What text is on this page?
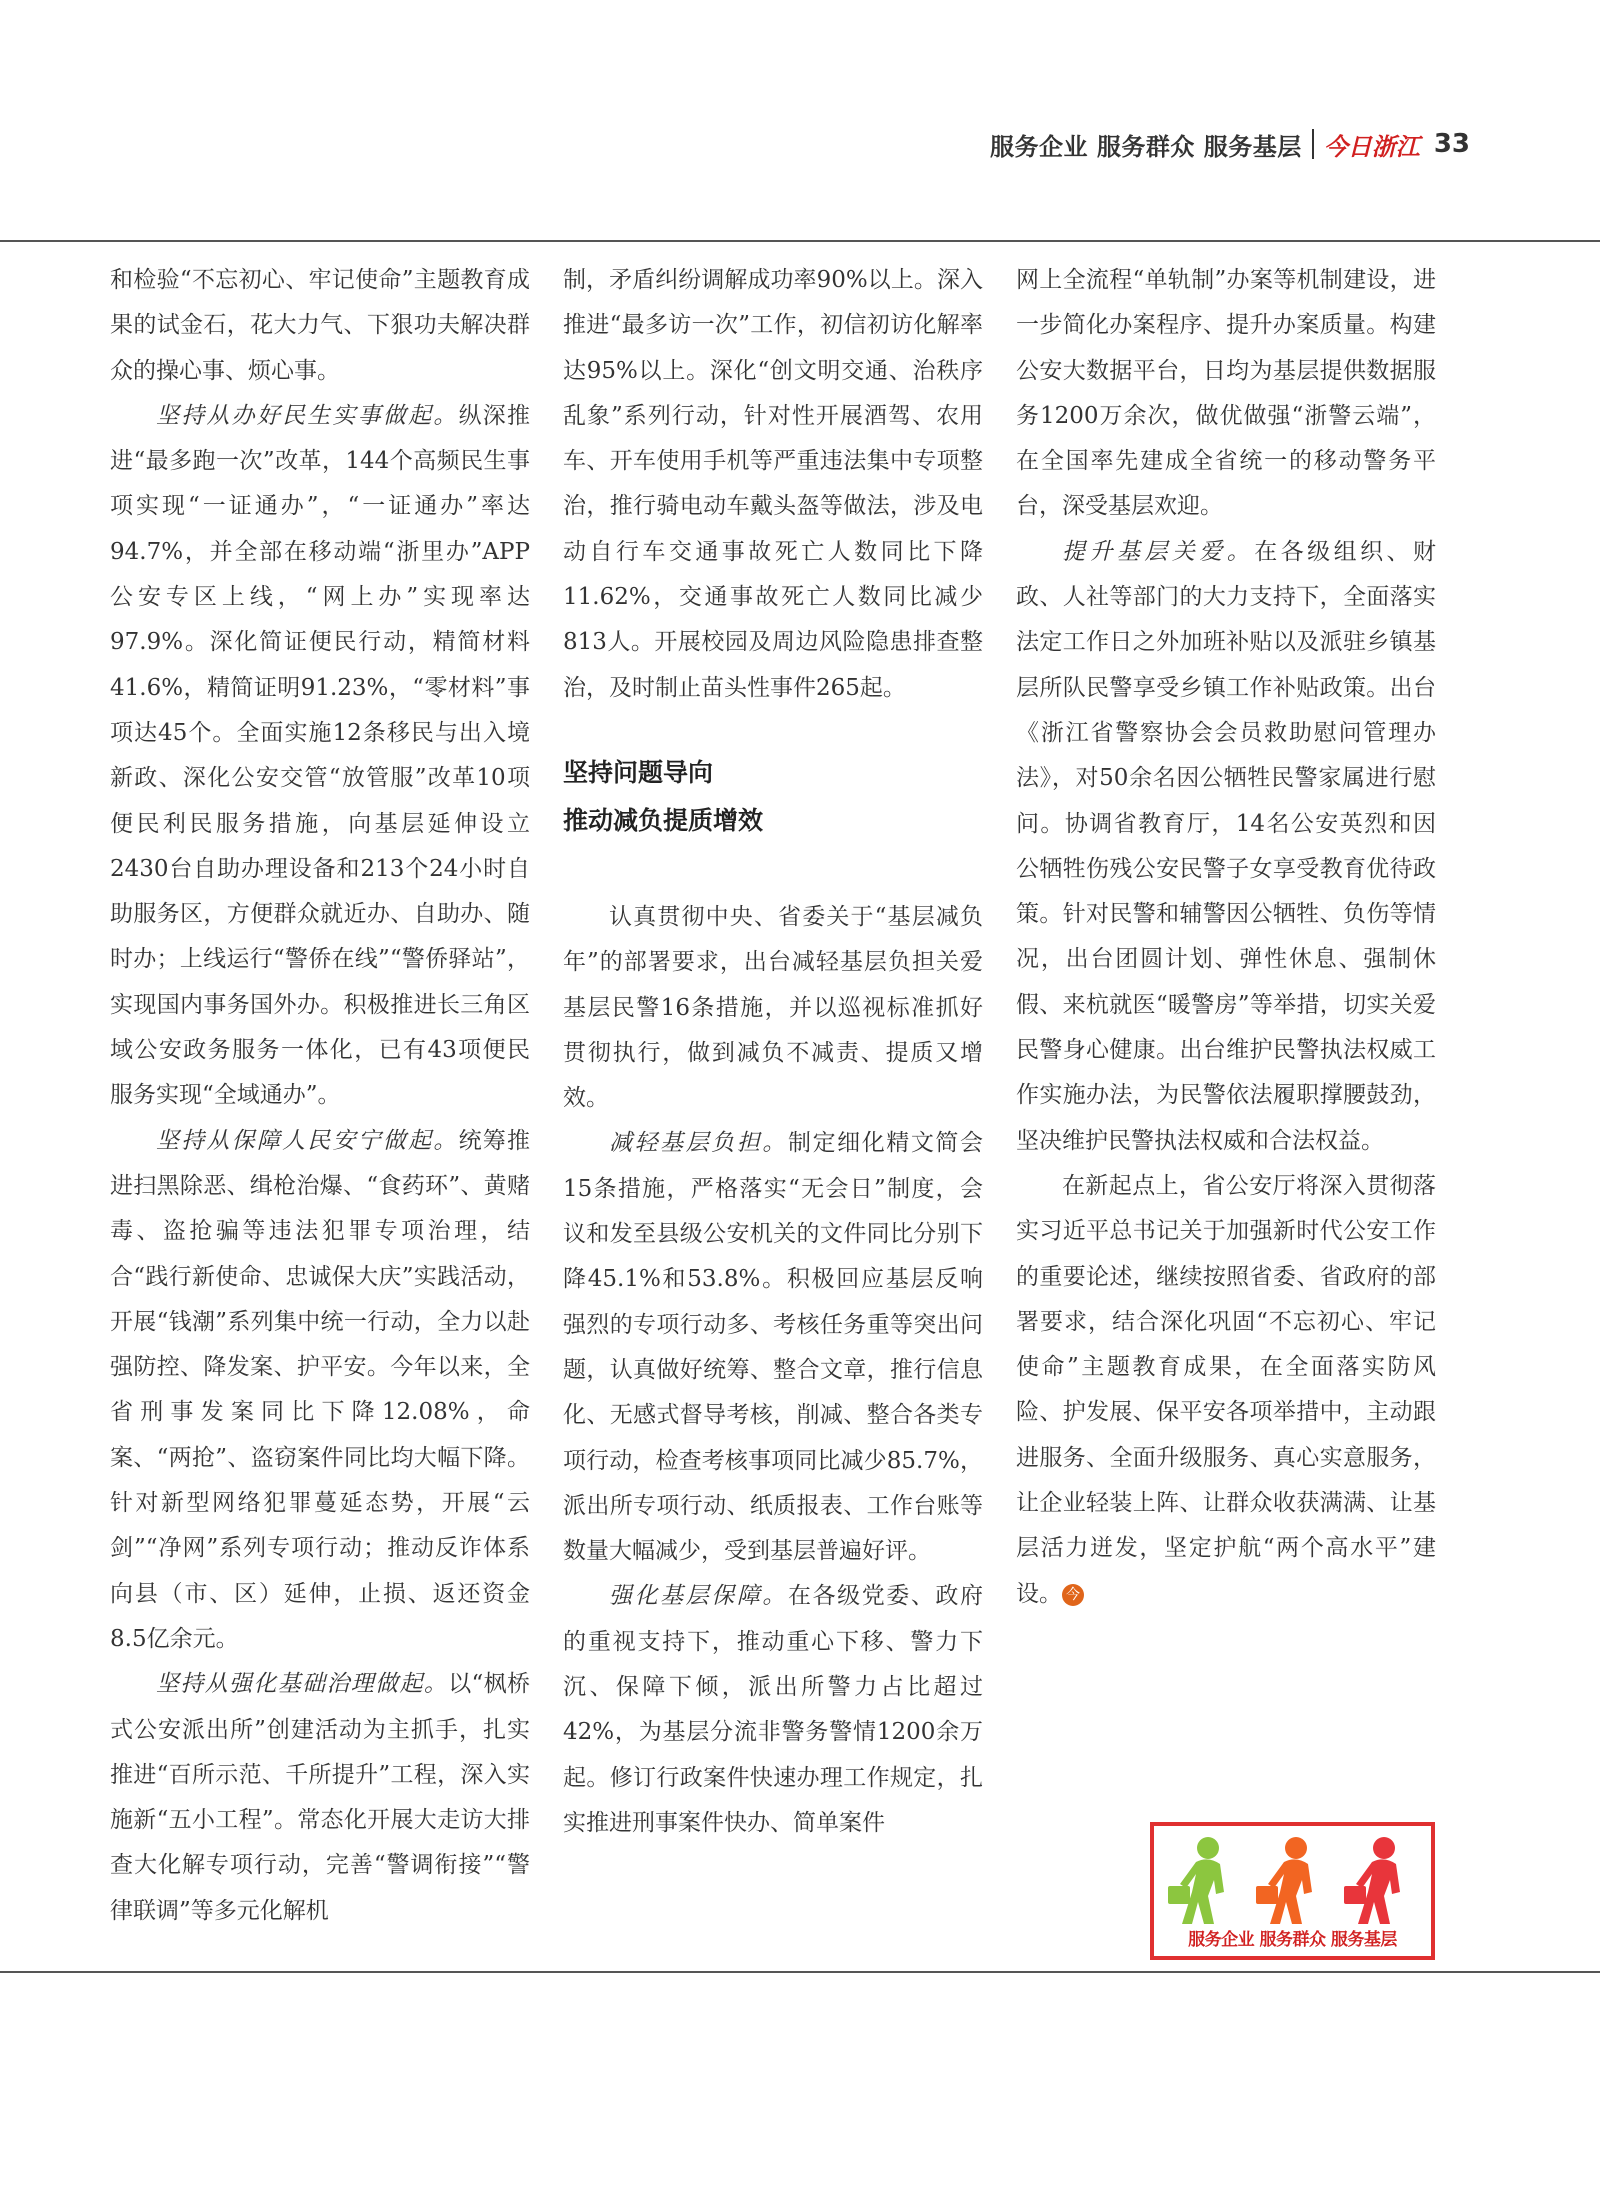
服务企业 服务群众 服务基层 今日浙江 33

和检验“不忘初心、牢记使命”主题教育成果的试金石，花大力气、下狠功夫解决群众的操心事、烦心事。

坚持从办好民生实事做起。纵深推进“最多跑一次”改革，144个高频民生事项实现“一证通办”，“一证通办”率达94.7%，并全部在移动端“浙里办”APP公安专区上线，“网上办”实现率达97.9%。深化简证便民行动，精简材料41.6%，精简证明91.23%，“零材料”事项达45个。全面实施12条移民与出入境新政、深化公安交管“放管服”改革10项便民利民服务措施，向基层延伸设立2430台自助办理设备和213个24小时自助服务区，方便群众就近办、自助办、随时办；上线运行“警侨在线”“警侨驿站”，实现国内事务国外办。积极推进长三角区域公安政务服务一体化，已有43项便民服务实现“全域通办”。

坚持从保障人民安宁做起。统筹推进扫黑除恶、缉枪治爆、“食药环”、黄赌毒、盗抢骗等违法犯罪专项治理，结合“践行新使命、忠诚保大庆”实践活动，开展“钱潮”系列集中统一行动，全力以赴强防控、降发案、护平安。今年以来，全省刑事发案同比下降12.08%，命案、“两抢”、盗窃案件同比均大幅下降。针对新型网络犯罪蔓延态势，开展“云剑”“净网”系列专项行动；推动反诈体系向县（市、区）延伸，止损、返还资金8.5亿余元。

坚持从强化基础治理做起。以“枫桥式公安派出所”创建活动为主抓手，扎实推进“百所示范、千所提升”工程，深入实施新“五小工程”。常态化开展大走访大排查大化解专项行动，完善“警调衔接”“警律联调”等多元化解机

制，矛盾纠纷调解成功率90%以上。深入推进“最多访一次”工作，初信初访化解率达95%以上。深化“创文明交通、治秩序乱象”系列行动，针对性开展酒驾、农用车、开车使用手机等严重违法集中专项整治，推行骑电动车戴头盔等做法，涉及电动自行车交通事故死亡人数同比下降11.62%，交通事故死亡人数同比减少813人。开展校园及周边风险隐患排查整治，及时制止苗头性事件265起。

坚持问题导向
推动减负提质增效

认真贯彻中央、省委关于“基层减负年”的部署要求，出台减轻基层负担关爱基层民警16条措施，并以巡视标准抓好贯彻执行，做到减负不减责、提质又增效。

减轻基层负担。制定细化精文简会15条措施，严格落实“无会日”制度，会议和发至县级公安机关的文件同比分别下降45.1%和53.8%。积极回应基层反响强烈的专项行动多、考核任务重等突出问题，认真做好统筹、整合文章，推行信息化、无感式督导考核，削减、整合各类专项行动，检查考核事项同比减少85.7%，派出所专项行动、纸质报表、工作台账等数量大幅减少，受到基层普遍好评。

强化基层保障。在各级党委、政府的重视支持下，推动重心下移、警力下沉、保障下倾，派出所警力占比超过42%，为基层分流非警务警情1200余万起。修订行政案件快速办理工作规定，扎实推进刑事案件快办、简单案件

网上全流程“单轨制”办案等机制建设，进一步简化办案程序、提升办案质量。构建公安大数据平台，日均为基层提供数据服务1200万余次，做优做强“浙警云端”，在全国率先建成全省统一的移动警务平台，深受基层欢迎。

提升基层关爱。在各级组织、财政、人社等部门的大力支持下，全面落实法定工作日之外加班补贴以及派驻乡镇基层所队民警享受乡镇工作补贴政策。出台《浙江省警察协会会员救助慰问管理办法》，对50余名因公牺牲民警家属进行慰问。协调省教育厅，14名公安英烈和因公牺牲伤残公安民警子女享受教育优待政策。针对民警和辅警因公牺牲、负伤等情况，出台团圆计划、弹性休息、强制休假、来杭就医“暖警房”等举措，切实关爱民警身心健康。出台维护民警执法权威工作实施办法，为民警依法履职撑腰鼓劲，坚决维护民警执法权威和合法权益。

在新起点上，省公安厅将深入贯彻落实习近平总书记关于加强新时代公安工作的重要论述，继续按照省委、省政府的部署要求，结合深化巩固“不忘初心、牢记使命”主题教育成果，在全面落实防风险、护发展、保平安各项举措中，主动跟进服务、全面升级服务、真心实意服务，让企业轻装上阵、让群众收获满满、让基层活力迸发，坚定护航“两个高水平”建设。 今

服务企业 服务群众 服务基层
